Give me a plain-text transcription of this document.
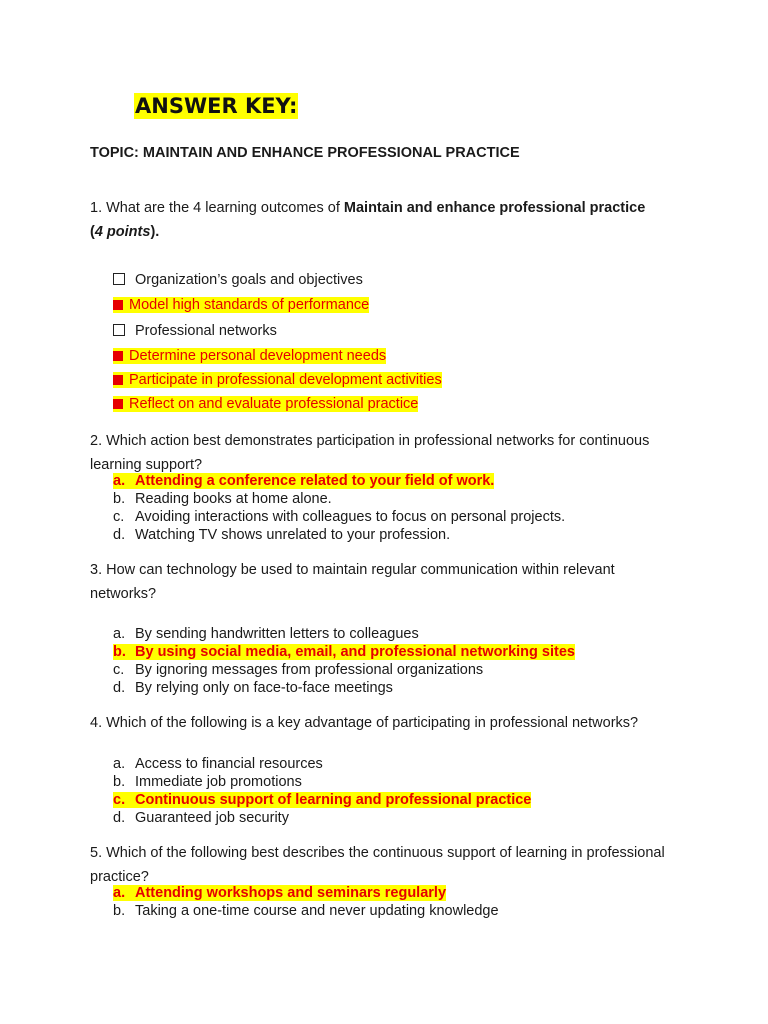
ANSWER KEY:
TOPIC: MAINTAIN AND ENHANCE PROFESSIONAL PRACTICE
1. What are the 4 learning outcomes of Maintain and enhance professional practice
(4 points).
Organization’s goals and objectives
Model high standards of performance
Professional networks
Determine personal development needs
Participate in professional development activities
Reflect on and evaluate professional practice
2. Which action best demonstrates participation in professional networks for continuous learning support?
a. Attending a conference related to your field of work.
b. Reading books at home alone.
c. Avoiding interactions with colleagues to focus on personal projects.
d. Watching TV shows unrelated to your profession.
3. How can technology be used to maintain regular communication within relevant networks?
a. By sending handwritten letters to colleagues
b. By using social media, email, and professional networking sites
c. By ignoring messages from professional organizations
d. By relying only on face-to-face meetings
4. Which of the following is a key advantage of participating in professional networks?
a. Access to financial resources
b. Immediate job promotions
c. Continuous support of learning and professional practice
d. Guaranteed job security
5. Which of the following best describes the continuous support of learning in professional practice?
a. Attending workshops and seminars regularly
b. Taking a one-time course and never updating knowledge
